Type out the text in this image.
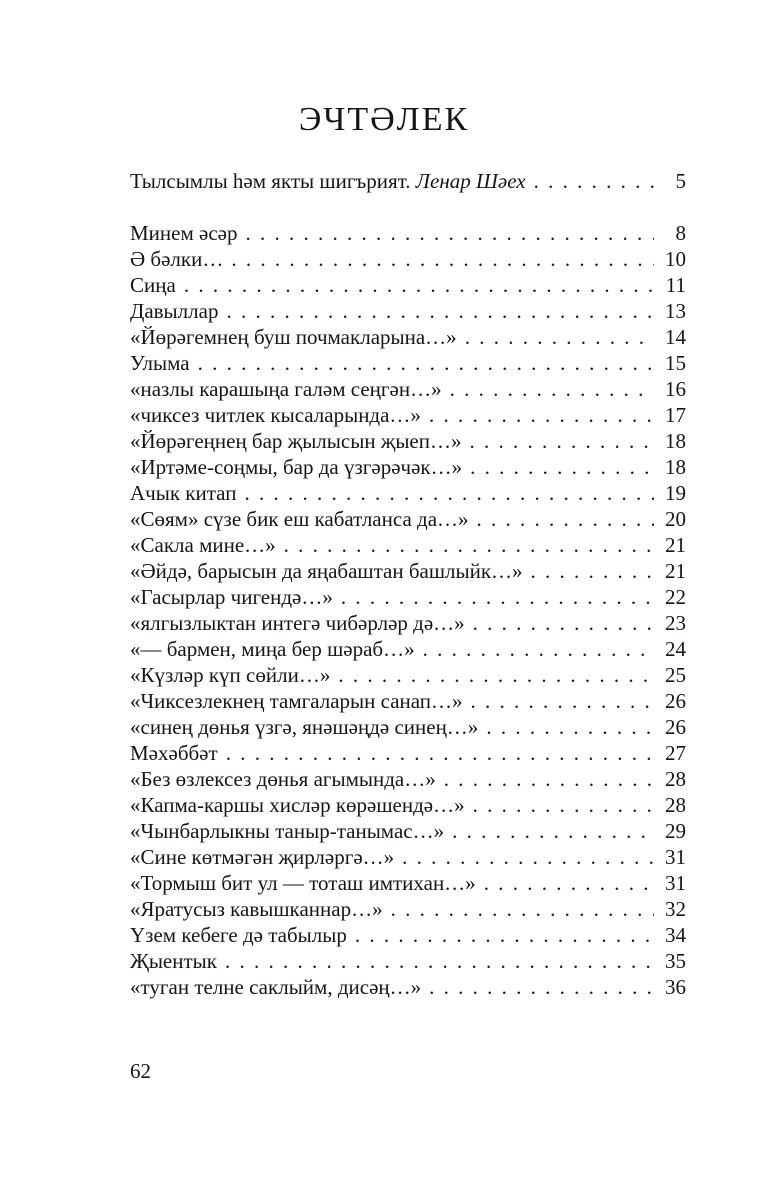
ЭЧТӘЛЕК
Тылсымлы һәм якты шигърият. Ленар Шәех . . .	5
Минем әсәр . . .	8
Ә бәлки… . . .	10
Сиңа . . .	11
Давыллар . . .	13
«Йөрәгемнең буш почмакларына…» . . .	14
Улыма . . .	15
«назлы карашыңа галәм сеңгән…» . . .	16
«чиксез читлек кысаларында…» . . .	17
«Йөрәгеңнең бар җылысын җыеп…» . . .	18
«Иртәме-соңмы, бар да үзгәрәчәк…» . . .	18
Ачык китап . . .	19
«Сөям» сүзе бик еш кабатланса да…» . . .	20
«Сакла мине…» . . .	21
«Әйдә, барысын да яңабаштан башлыйк…» . . .	21
«Гасырлар чигендә…» . . .	22
«ялгызлыктан интегә чибәрләр дә…» . . .	23
«— бармен, миңа бер шәраб…» . . .	24
«Күзләр күп сөйли…» . . .	25
«Чиксезлекнең тамгаларын санап…» . . .	26
«синең дөнья үзгә, янәшәңдә синең…» . . .	26
Мәхәббәт . . .	27
«Без өзлексез дөнья агымында…» . . .	28
«Капма-каршы хисләр көрәшендә…» . . .	28
«Чынбарлыкны таныр-танымас…» . . .	29
«Сине көтмәгән җирләргә…» . . .	31
«Тормыш бит ул — тоташ имтихан…» . . .	31
«Яратусыз кавышканнар…» . . .	32
Үзем кебеге дә табылыр . . .	34
Җыентык . . .	35
«туган телне саклыйм, дисәң…» . . .	36
62
